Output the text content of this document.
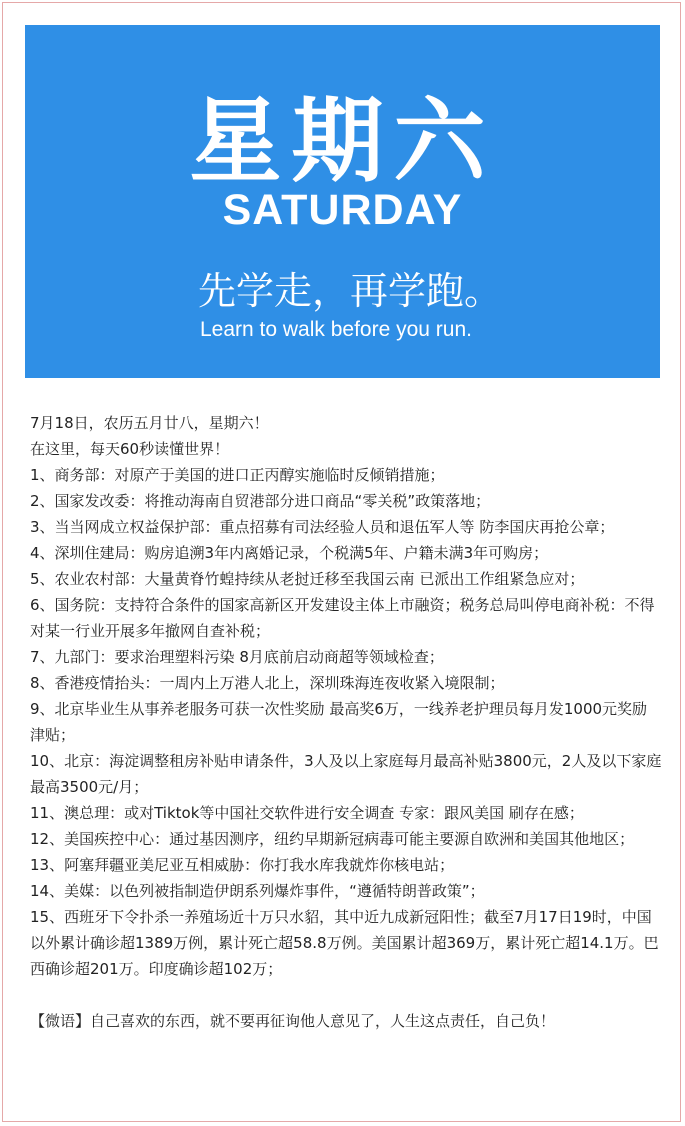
星期六
SATURDAY
先学走，再学跑。
Learn to walk before you run.

7月18日，农历五月廿八，星期六！

在这里，每天60秒读懂世界！

1、商务部：对原产于美国的进口正丙醇实施临时反倾销措施；
2、国家发改委：将推动海南自贸港部分进口商品“零关税”政策落地；
3、当当网成立权益保护部：重点招募有司法经验人员和退伍军人等 防李国庆再抢公章；
4、深圳住建局：购房追溯3年内离婚记录，个税满5年、户籍未满3年可购房；
5、农业农村部：大量黄脊竹蝗持续从老挝迁移至我国云南 已派出工作组紧急应对；
6、国务院：支持符合条件的国家高新区开发建设主体上市融资；税务总局叫停电商补税：不得对某一行业开展多年撤网自查补税；
7、九部门：要求治理塑料污染 8月底前启动商超等领域检查；
8、香港疫情抬头：一周内上万港人北上，深圳珠海连夜收紧入境限制；
9、北京毕业生从事养老服务可获一次性奖励 最高奖6万，一线养老护理员每月发1000元奖励津贴；
10、北京：海淀调整租房补贴申请条件，3人及以上家庭每月最高补贴3800元，2人及以下家庭最高3500元/月；
11、澳总理：或对Tiktok等中国社交软件进行安全调查 专家：跟风美国 刷存在感；
12、美国疾控中心：通过基因测序，纽约早期新冠病毒可能主要源自欧洲和美国其他地区；
13、阿塞拜疆亚美尼亚互相威胁：你打我水库我就炸你核电站；
14、美媒：以色列被指制造伊朗系列爆炸事件，“遵循特朗普政策”；
15、西班牙下令扑杀一养殖场近十万只水貂，其中近九成新冠阳性；截至7月17日19时，中国以外累计确诊超1389万例，累计死亡超58.8万例。美国累计超369万，累计死亡超14.1万。巴西确诊超201万。印度确诊超102万；

【微语】自己喜欢的东西，就不要再征询他人意见了，人生这点责任，自己负！
